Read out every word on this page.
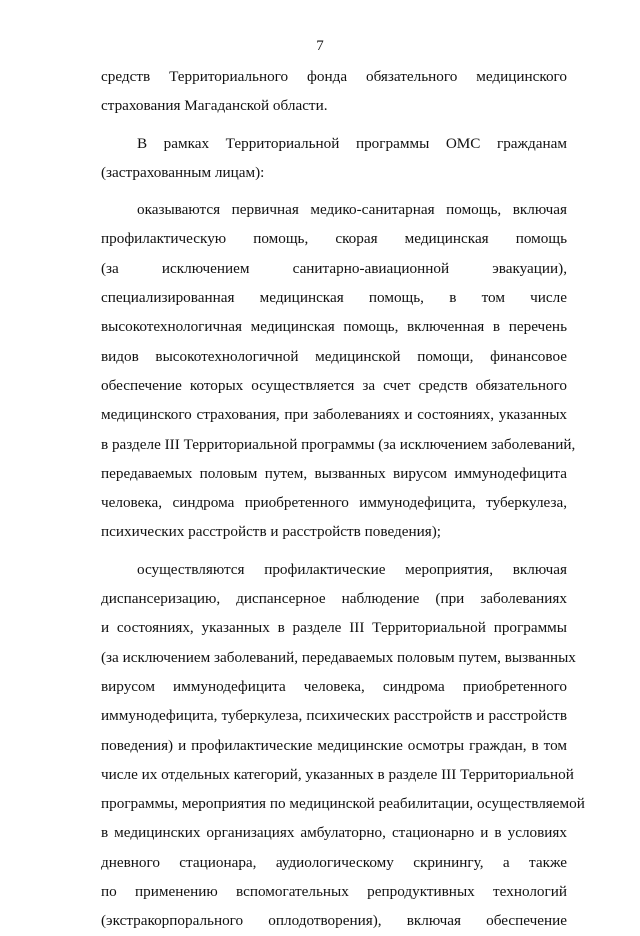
7
средств Территориального фонда обязательного медицинского
страхования Магаданской области.
В рамках Территориальной программы ОМС гражданам
(застрахованным лицам):
оказываются первичная медико-санитарная помощь, включая
профилактическую помощь, скорая медицинская помощь
(за исключением санитарно-авиационной эвакуации),
специализированная медицинская помощь, в том числе
высокотехнологичная медицинская помощь, включенная в перечень
видов высокотехнологичной медицинской помощи, финансовое
обеспечение которых осуществляется за счет средств обязательного
медицинского страхования, при заболеваниях и состояниях, указанных
в разделе III Территориальной программы (за исключением заболеваний,
передаваемых половым путем, вызванных вирусом иммунодефицита
человека, синдрома приобретенного иммунодефицита, туберкулеза,
психических расстройств и расстройств поведения);
осуществляются профилактические мероприятия, включая
диспансеризацию, диспансерное наблюдение (при заболеваниях
и состояниях, указанных в разделе III Территориальной программы
(за исключением заболеваний, передаваемых половым путем, вызванных
вирусом иммунодефицита человека, синдрома приобретенного
иммунодефицита, туберкулеза, психических расстройств и расстройств
поведения) и профилактические медицинские осмотры граждан, в том
числе их отдельных категорий, указанных в разделе III Территориальной
программы, мероприятия по медицинской реабилитации, осуществляемой
в медицинских организациях амбулаторно, стационарно и в условиях
дневного стационара, аудиологическому скринингу, а также
по применению вспомогательных репродуктивных технологий
(экстракорпорального оплодотворения), включая обеспечение
